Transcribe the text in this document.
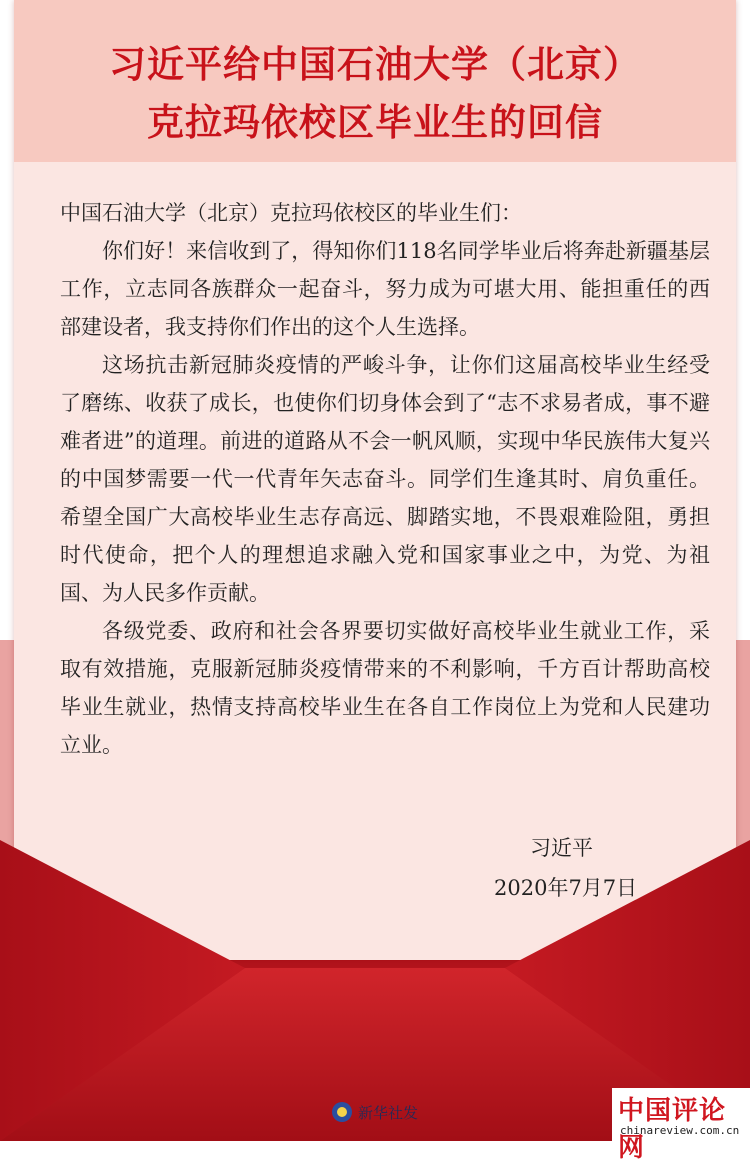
习近平给中国石油大学（北京）
克拉玛依校区毕业生的回信

中国石油大学（北京）克拉玛依校区的毕业生们：

你们好！来信收到了，得知你们118名同学毕业后将奔赴新疆基层工作，立志同各族群众一起奋斗，努力成为可堪大用、能担重任的西部建设者，我支持你们作出的这个人生选择。

这场抗击新冠肺炎疫情的严峻斗争，让你们这届高校毕业生经受了磨练、收获了成长，也使你们切身体会到了“志不求易者成，事不避难者进”的道理。前进的道路从不会一帆风顺，实现中华民族伟大复兴的中国梦需要一代一代青年矢志奋斗。同学们生逢其时、肩负重任。希望全国广大高校毕业生志存高远、脚踏实地，不畏艰难险阻，勇担时代使命，把个人的理想追求融入党和国家事业之中，为党、为祖国、为人民多作贡献。

各级党委、政府和社会各界要切实做好高校毕业生就业工作，采取有效措施，克服新冠肺炎疫情带来的不利影响，千方百计帮助高校毕业生就业，热情支持高校毕业生在各自工作岗位上为党和人民建功立业。

习近平
2020年7月7日
新华社发	中国评论网
chinareview.com.cn
